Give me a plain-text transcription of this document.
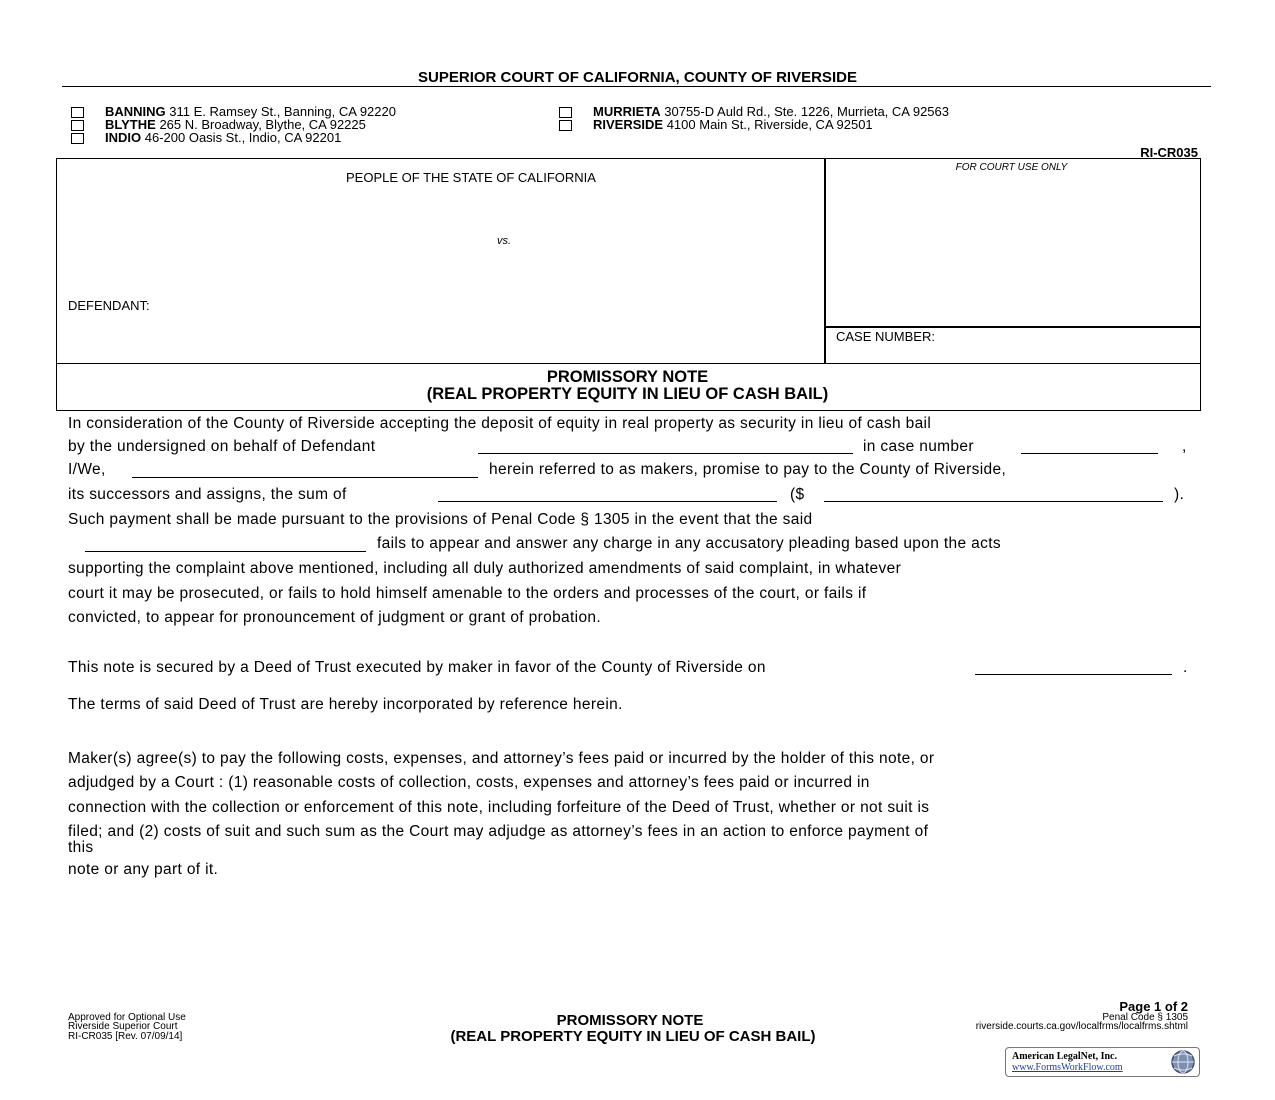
SUPERIOR COURT OF CALIFORNIA, COUNTY OF RIVERSIDE
BANNING 311 E. Ramsey St., Banning, CA 92220
BLYTHE 265 N. Broadway, Blythe, CA 92225
INDIO 46-200 Oasis St., Indio, CA 92201
MURRIETA 30755-D Auld Rd., Ste. 1226, Murrieta, CA 92563
RIVERSIDE 4100 Main St., Riverside, CA 92501
RI-CR035
PEOPLE OF THE STATE OF CALIFORNIA
vs.
DEFENDANT:
FOR COURT USE ONLY
CASE NUMBER:
PROMISSORY NOTE
(REAL PROPERTY EQUITY IN LIEU OF CASH BAIL)
In consideration of the County of Riverside accepting the deposit of equity in real property as security in lieu of cash bail
by the undersigned on behalf of Defendant	in case number	,
I/We,	herein referred to as makers, promise to pay to the County of Riverside,
its successors and assigns, the sum of	($	).
Such payment shall be made pursuant to the provisions of Penal Code § 1305 in the event that the said
fails to appear and answer any charge in any accusatory pleading based upon the acts
supporting the complaint above mentioned, including all duly authorized amendments of said complaint, in whatever
court it may be prosecuted, or fails to hold himself amenable to the orders and processes of the court, or fails if
convicted, to appear for pronouncement of judgment or grant of probation.
This note is secured by a Deed of Trust executed by maker in favor of the County of Riverside on	.
The terms of said Deed of Trust are hereby incorporated by reference herein.
Maker(s) agree(s) to pay the following costs, expenses, and attorney’s fees paid or incurred by the holder of this note, or
adjudged by a Court : (1) reasonable costs of collection, costs, expenses and attorney’s fees paid or incurred in
connection with the collection or enforcement of this note, including forfeiture of the Deed of Trust, whether or not suit is
filed; and (2) costs of suit and such sum as the Court may adjudge as attorney’s fees in an action to enforce payment of
this
note or any part of it.
Approved for Optional Use
Riverside Superior Court
RI-CR035 [Rev. 07/09/14]
PROMISSORY NOTE
(REAL PROPERTY EQUITY IN LIEU OF CASH BAIL)
Page 1 of 2
Penal Code § 1305
riverside.courts.ca.gov/localfrms/localfrms.shtml
American LegalNet, Inc.
www.FormsWorkFlow.com
